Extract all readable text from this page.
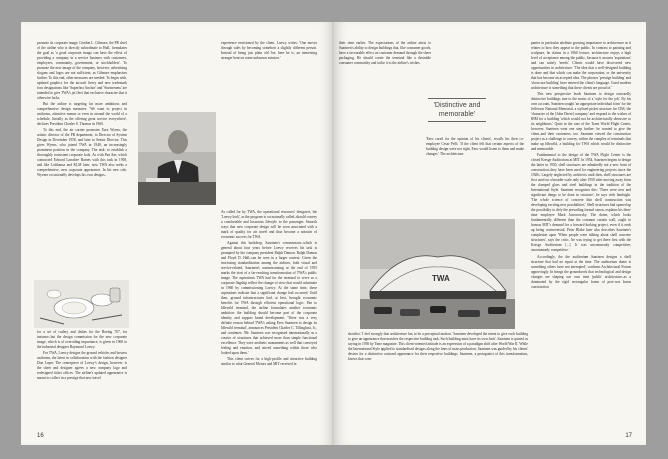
promote its corporate image. Gordon L. Gilmore, the PR chief of the airline who is directly subordinate to Hull, formulates the goal as 'a good corporate image can have the effect of providing a company in a service business with customers, employees, community, government, or stockholders'. To promote the new image of the company, however, advertising slogans and logos are not sufficient, as Gilmore emphasises further. To this end, other measures are needed. To begin with, updated graphics for the aircraft livery and new trademark font designations like 'Superfast Anchor' and 'Starstreams' are intended to give TWA's jet fleet that exclusive character that it otherwise lacks.

But the airline is targeting far more ambitious and comprehensive design measures. 'We want to project in uniforms, attractive menus or even in around the world of a schedule, literally as the offering great service everywhere', declares President Charles S. Thomas in 1960.

To this end, the air carrier promotes Ezra Wyens, the artistic director of the PR department, to Director of System Design in December 1958, and later to Senior Director. This gives Wyens, who joined TWA in 1948, an increasingly prominent position in the company. The task: to establish a thoroughly consistent corporate look. As with Pan Am, which contracted Edward Larrabee Barnes with this task in 1958, and like Lufthansa and KLM later, now TWA also seeks a comprehensive, new corporate appearance. In his new role, Wyener occasionally develops his own designs–

for a set of cutlery and dishes for the Boeing 707, for instance–but the design commission for the new corporate image, which is of overriding importance, is given in 1960 to the industrial designer Raymond Loewy.

For TWA, Loewy designs the ground vehicles and hostess uniforms, the latest in collaboration with the fashion designer Don Loper. The centrepiece of Loewy's design, however, is the sheet and designer agrees a new company logo and redesigned ticket offices. The airline's updated appearance is meant to collect in a prestige that new travel

experience envisioned by the client. Loewy writes: 'One moves through sales by becoming somehow a slightly different person. Instead of being just plain old Joe, here he is, an interesting stranger bent on some unknown mission.'

As called for by TWA, the operational resources' designers, the 'Loewy look', as the program is occasionally called–should convey a comfortable and luxurious lifestyle to the passenger. Smooth ways that new corporate design will be soon associated with a mark of quality for air travel and thus become a mission of economic success for TWA.

Against this backdrop, Saarinen's commissions–which is general about four years before Loewy receives his task is prompted by the company president Ralph Damon. Ralph Damon and Floyd D. Hall–can be seen in a larger context. Given the increasing standardisation among the airlines, both visual and service-related, Saarinen's commissioning at the end of 1955 marks the start of a far-reaching transformation of TWA's public image. The aspirations TWA had for the terminal to serve as a corporate flagship reflect the change of view that would culminate in 1960 by commissioning Loewy. At the same time, these aspirations indicate that a significant change had occurred. Until then, ground infrastructures had, at best, brought economic benefits for TWA through efficient operational logic. Pan to Idlewild terminal, the airline formulates another economic ambition: the building should become part of the corporate identity and support brand development. 'There was a very definite reason behind TWA's asking Eero Saarinen to design its Idlewild terminal', announces President Charles C. Tillinghast, Jr., and continues: 'Mr. Saarinen was recognised internationally as a creator of structures that achieved more than simple functional excellence. They were aesthetic monuments as well that conveyed feeling and emotion, and stirred something within those who looked upon them.'

This client strives for a high-profile and attractive building similar to what General Motors and MIT received in

16

their time earlier. The expectations of the airline attest to Saarinen's ability to design buildings that, like consumer goods, have a favourable effect on customer demand through the sheer packaging. He should create the terminal like a desirable consumer commodity and tailor it to the airline's wishes.

'Distinctive and
memorable'

'Eero cared for the opinion of his clients', recalls his then co-employee Cesar Pelli. 'If the client felt that certain aspects of the building design were not right, Eero would listen to them and make changes.' The architecture

TWA

shortlist: 'I feel strongly that architecture has to be a perceptual motion.' Saarinen developed the intent to give each building to give an appearance that matches the respective building task. Such building must have its own look', Saarinen is quoted as saying in 1956 by Time magazine. This client-oriented attitude is an expression of a paradigm shift after World War II. While the International Style applied to standardised designs along the lines of mass production, Saarinen was guided by his clients' desires for a distinctive outward appearance for their respective buildings. Saarinen, a protagonist of this transformation, knows that com-

panies in particular attribute growing importance to architecture as it relates to how they appear to the public. In contrast to painting and sculpture, he claims in a 1960 lecture, architecture enjoys a high level of acceptance among the public, because it arouses 'aspirations' and can satisfy 'needs'. Clients would have discovered new opportunities in architecture: 'The idea that a well-designed building is done and that which can make the corporation, or the university that has become an accepted idea. The phrases 'prestige building' and 'showcase building' have entered the client's language. Good modern architecture is something that these clients are proud of.'

This new perspective leads Saarinen to design outwardly distinctive buildings true to the motto of a 'style for the job'. By his own account, Saarinen sought 'an appropriate individual form' for the Jefferson National Memorial, a stylised picket structure for CBS, the 'character of the [John Deere] company' and respond to the wishes of IBM for a building 'which would not be architecturally obtrusive to its neighbours'. Quite in the case of the Trans World Flight Center, however, Saarinen went one step further: he wanted to give the client–and their customers, too. Saarinen viewed the construction project as a challenge to convey, within the complex of terminals that make up Idlewild, a building for TWA which would be distinctive and memorable.

Fundamental to the design of the TWA Flight Center is the closed Kresge Auditorium at MIT. In 1954, Saarinen begins to design the latter in 1950, shell structures are admittedly not a new form of construction–they have been used for engineering projects since the 1920s. Largely neglected by architects until then, shell structures are first used on a broader scale only after 1950 after moving away from the clamped glass and steel buildings in the tradition of the International Style. Saarinen recognises this: 'There were new and significant things to be done in structure', he says with hindsight. 'The whole science of concrete thin shell construction was developing exciting new possibilities.' Shell structures had opened up the possibility to defy the prevailing formal canon, explains his then-time employee Mark Jaworowsky. The dome, which looks fundamentally different than the common curtain wall, ought to honour MIT's demand for a forward-looking project, even if it ends up being controversial. Peter Blake later also describes Saarinen's completion upon 'When people were talking about shell concrete structures', says the critic, 'he was trying to get there first with the Kresge Auditorium [...]. It was uncommonly competitive, uncommonly competitive.'

Accordingly, the the auditorium Saarinen designs a shell structure that had no equal at the time. The auditorium dome is something others have not attempted', confirms Architectural Forum approvingly. In brings the groundwork that technological and design changes are shaping our own time 'public' architecture–as a dominated by the rigid rectangular forms of post-war boom construction

17
